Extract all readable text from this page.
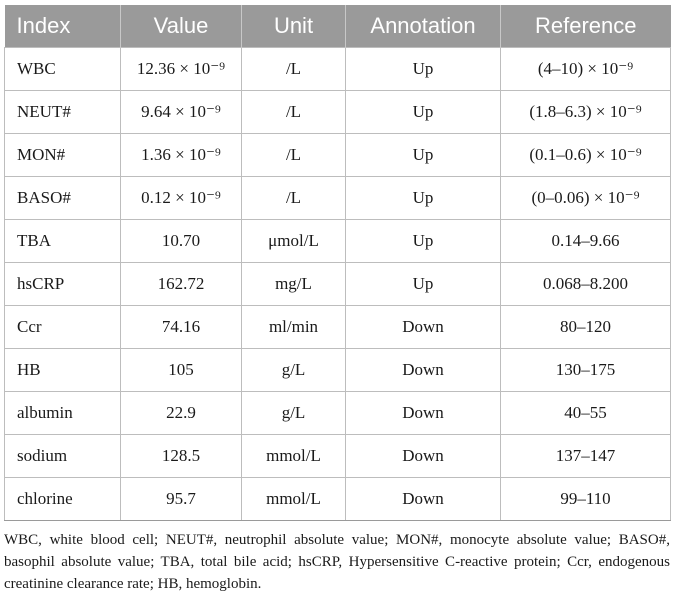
Index	Value	Unit	Annotation	Reference
WBC	12.36 × 10⁻⁹	/L	Up	(4–10) × 10⁻⁹
NEUT#	9.64 × 10⁻⁹	/L	Up	(1.8–6.3) × 10⁻⁹
MON#	1.36 × 10⁻⁹	/L	Up	(0.1–0.6) × 10⁻⁹
BASO#	0.12 × 10⁻⁹	/L	Up	(0–0.06) × 10⁻⁹
TBA	10.70	μmol/L	Up	0.14–9.66
hsCRP	162.72	mg/L	Up	0.068–8.200
Ccr	74.16	ml/min	Down	80–120
HB	105	g/L	Down	130–175
albumin	22.9	g/L	Down	40–55
sodium	128.5	mmol/L	Down	137–147
chlorine	95.7	mmol/L	Down	99–110

WBC, white blood cell; NEUT#, neutrophil absolute value; MON#, monocyte absolute value; BASO#, basophil absolute value; TBA, total bile acid; hsCRP, Hypersensitive C-reactive protein; Ccr, endogenous creatinine clearance rate; HB, hemoglobin.
